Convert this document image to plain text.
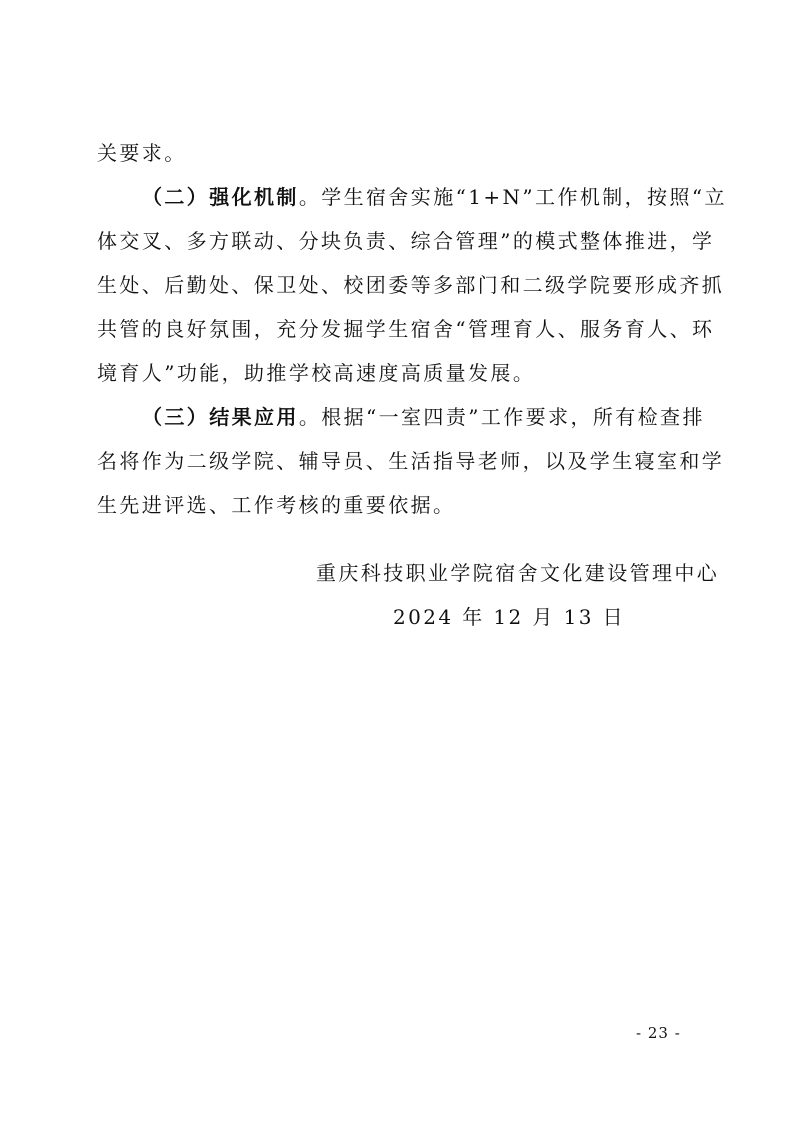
关要求。
（二）强化机制。学生宿舍实施“1+N”工作机制，按照“立
体交叉、多方联动、分块负责、综合管理”的模式整体推进，学
生处、后勤处、保卫处、校团委等多部门和二级学院要形成齐抓
共管的良好氛围，充分发掘学生宿舍“管理育人、服务育人、环
境育人”功能，助推学校高速度高质量发展。
（三）结果应用。根据“一室四责”工作要求，所有检查排
名将作为二级学院、辅导员、生活指导老师，以及学生寝室和学
生先进评选、工作考核的重要依据。
重庆科技职业学院宿舍文化建设管理中心
2024 年 12 月 13 日
- 23 -
